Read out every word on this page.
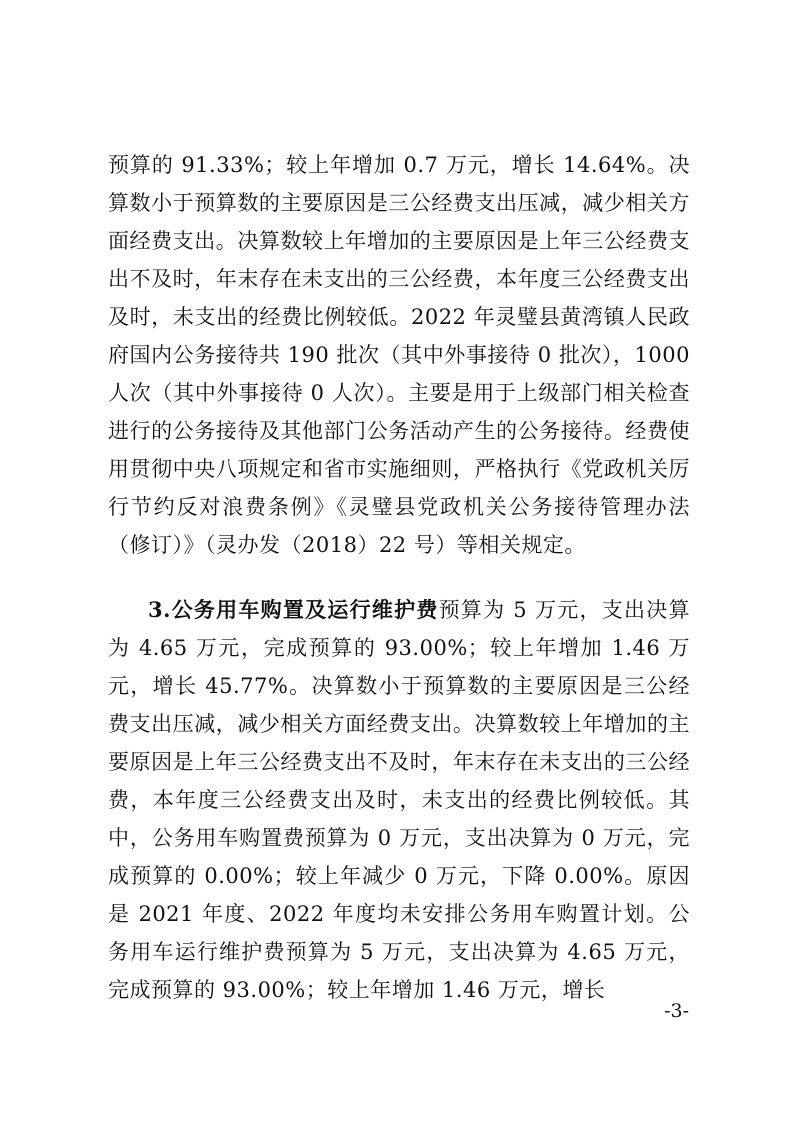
预算的 91.33%；较上年增加 0.7 万元，增长 14.64%。决算数小于预算数的主要原因是三公经费支出压减，减少相关方面经费支出。决算数较上年增加的主要原因是上年三公经费支出不及时，年末存在未支出的三公经费，本年度三公经费支出及时，未支出的经费比例较低。2022 年灵璧县黄湾镇人民政府国内公务接待共 190 批次（其中外事接待 0 批次），1000 人次（其中外事接待 0 人次）。主要是用于上级部门相关检查进行的公务接待及其他部门公务活动产生的公务接待。经费使用贯彻中央八项规定和省市实施细则，严格执行《党政机关厉行节约反对浪费条例》《灵璧县党政机关公务接待管理办法（修订）》（灵办发（2018）22 号）等相关规定。

3.公务用车购置及运行维护费预算为 5 万元，支出决算为 4.65 万元，完成预算的 93.00%；较上年增加 1.46 万元，增长 45.77%。决算数小于预算数的主要原因是三公经费支出压减，减少相关方面经费支出。决算数较上年增加的主要原因是上年三公经费支出不及时，年末存在未支出的三公经费，本年度三公经费支出及时，未支出的经费比例较低。其中，公务用车购置费预算为 0 万元，支出决算为 0 万元，完成预算的 0.00%；较上年减少 0 万元，下降 0.00%。原因是 2021 年度、2022 年度均未安排公务用车购置计划。公务用车运行维护费预算为 5 万元，支出决算为 4.65 万元，完成预算的 93.00%；较上年增加 1.46 万元，增长

-3-
